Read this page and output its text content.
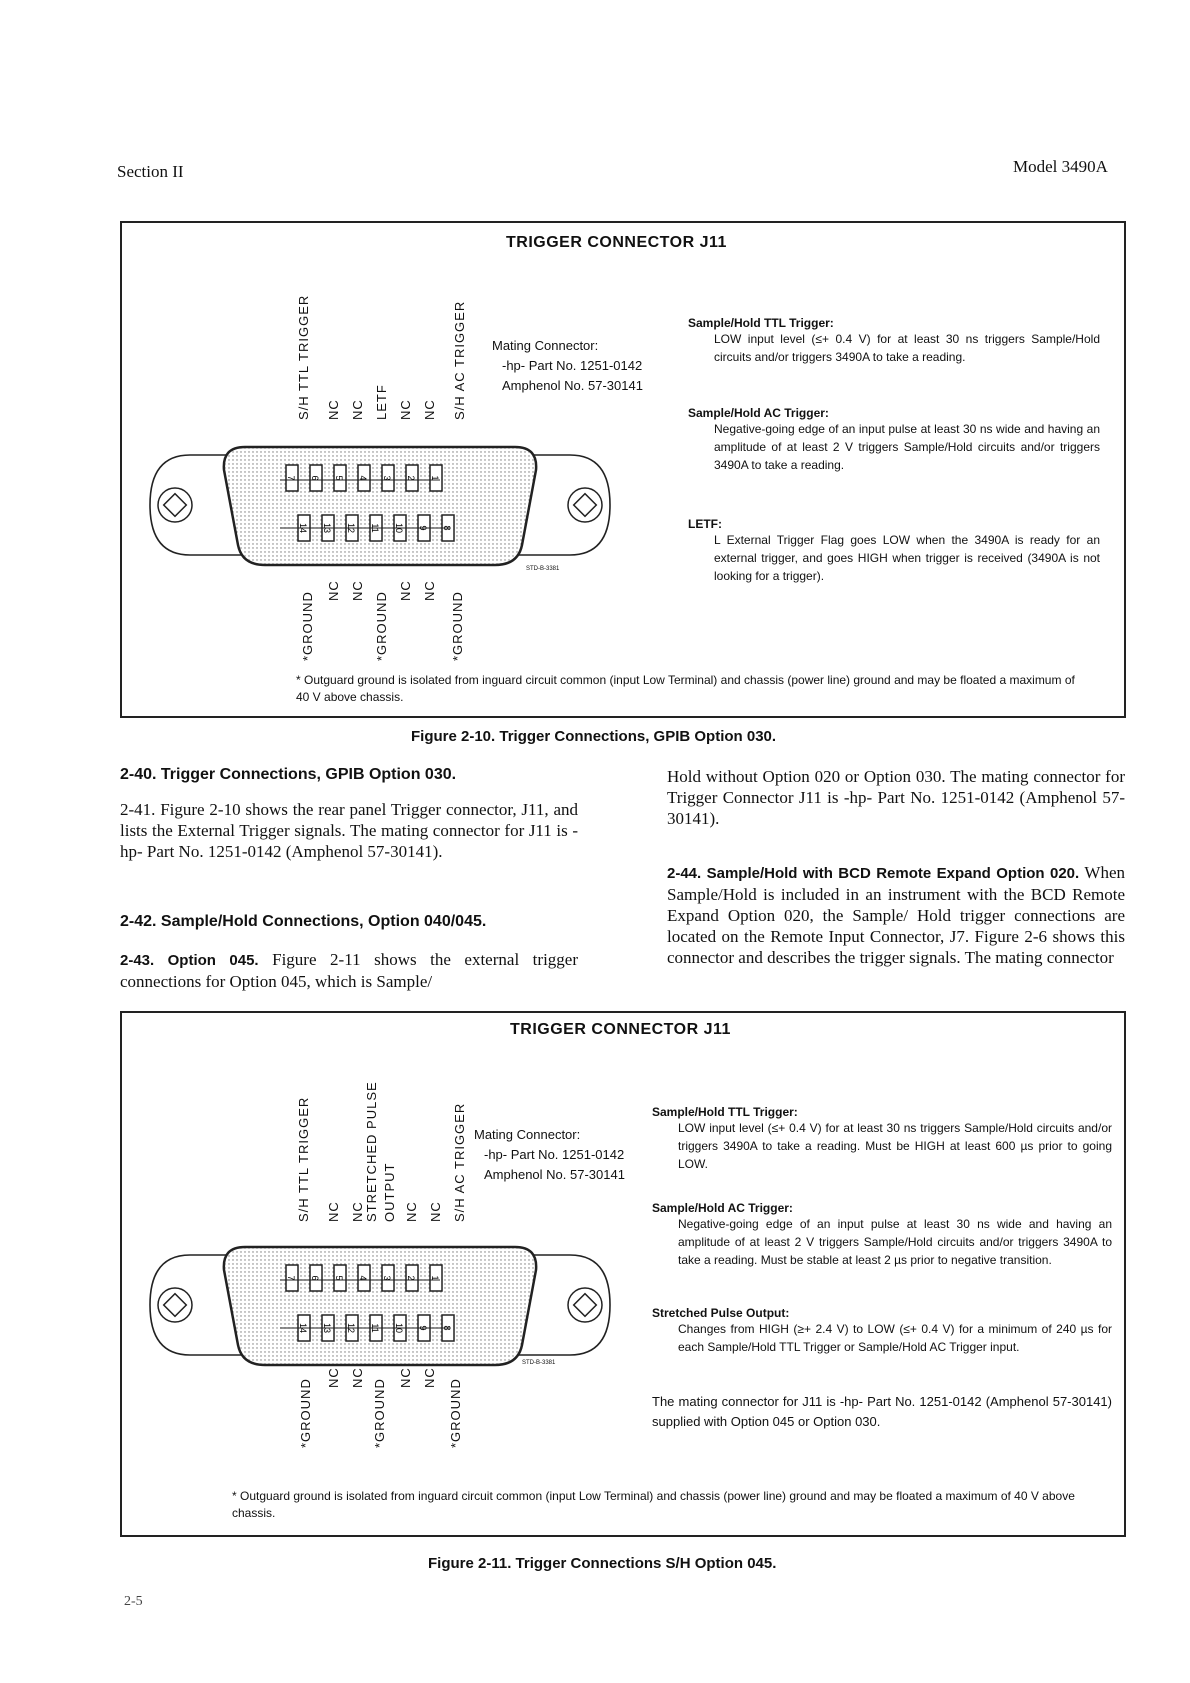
Section II	Model 3490A
TRIGGER CONNECTOR J11
S/H TTL TRIGGER NC NC LETF NC NC S/H AC TRIGGER
7 6 5 4 3 2 1
14 13 12 11 10 9 8
STD-B-3381
*GROUND
NC NC
*GROUND
NC NC
*GROUND
Mating Connector:
-hp- Part No. 1251-0142
Amphenol No. 57-30141
Sample/Hold TTL Trigger:
LOW input level (≤+ 0.4 V) for at least 30 ns triggers Sample/Hold circuits and/or triggers 3490A to take a reading.
Sample/Hold AC Trigger:
Negative-going edge of an input pulse at least 30 ns wide and having an amplitude of at least 2 V triggers Sample/Hold circuits and/or triggers 3490A to take a reading.
LETF:
L External Trigger Flag goes LOW when the 3490A is ready for an external trigger, and goes HIGH when trigger is received (3490A is not looking for a trigger).
* Outguard ground is isolated from inguard circuit common (input Low Terminal) and chassis (power line) ground and may be floated a maximum of 40 V above chassis.
Figure 2-10. Trigger Connections, GPIB Option 030.
2-40. Trigger Connections, GPIB Option 030.
2-41. Figure 2-10 shows the rear panel Trigger connector, J11, and lists the External Trigger signals. The mating connector for J11 is -hp- Part No. 1251-0142 (Amphenol 57-30141).
2-42. Sample/Hold Connections, Option 040/045.
2-43. Option 045. Figure 2-11 shows the external trigger connections for Option 045, which is Sample/
Hold without Option 020 or Option 030. The mating connector for Trigger Connector J11 is -hp- Part No. 1251-0142 (Amphenol 57-30141).
2-44. Sample/Hold with BCD Remote Expand Option 020. When Sample/Hold is included in an instrument with the BCD Remote Expand Option 020, the Sample/ Hold trigger connections are located on the Remote Input Connector, J7. Figure 2-6 shows this connector and describes the trigger signals. The mating connector
TRIGGER CONNECTOR J11
S/H TTL TRIGGER NC NC STRETCHED PULSE OUTPUT NC NC S/H AC TRIGGER
7 6 5 4 3 2 1
14 13 12 11 10 9 8
STD-B-3381
*GROUND
NC NC
*GROUND
NC NC
*GROUND
Mating Connector:
-hp- Part No. 1251-0142
Amphenol No. 57-30141
Sample/Hold TTL Trigger:
LOW input level (≤+ 0.4 V) for at least 30 ns triggers Sample/Hold circuits and/or triggers 3490A to take a reading. Must be HIGH at least 600 µs prior to going LOW.
Sample/Hold AC Trigger:
Negative-going edge of an input pulse at least 30 ns wide and having an amplitude of at least 2 V triggers Sample/Hold circuits and/or triggers 3490A to take a reading. Must be stable at least 2 µs prior to negative transition.
Stretched Pulse Output:
Changes from HIGH (≥+ 2.4 V) to LOW (≤+ 0.4 V) for a minimum of 240 µs for each Sample/Hold TTL Trigger or Sample/Hold AC Trigger input.
The mating connector for J11 is -hp- Part No. 1251-0142 (Amphenol 57-30141) supplied with Option 045 or Option 030.
* Outguard ground is isolated from inguard circuit common (input Low Terminal) and chassis (power line) ground and may be floated a maximum of 40 V above chassis.
Figure 2-11. Trigger Connections S/H Option 045.
2-5
